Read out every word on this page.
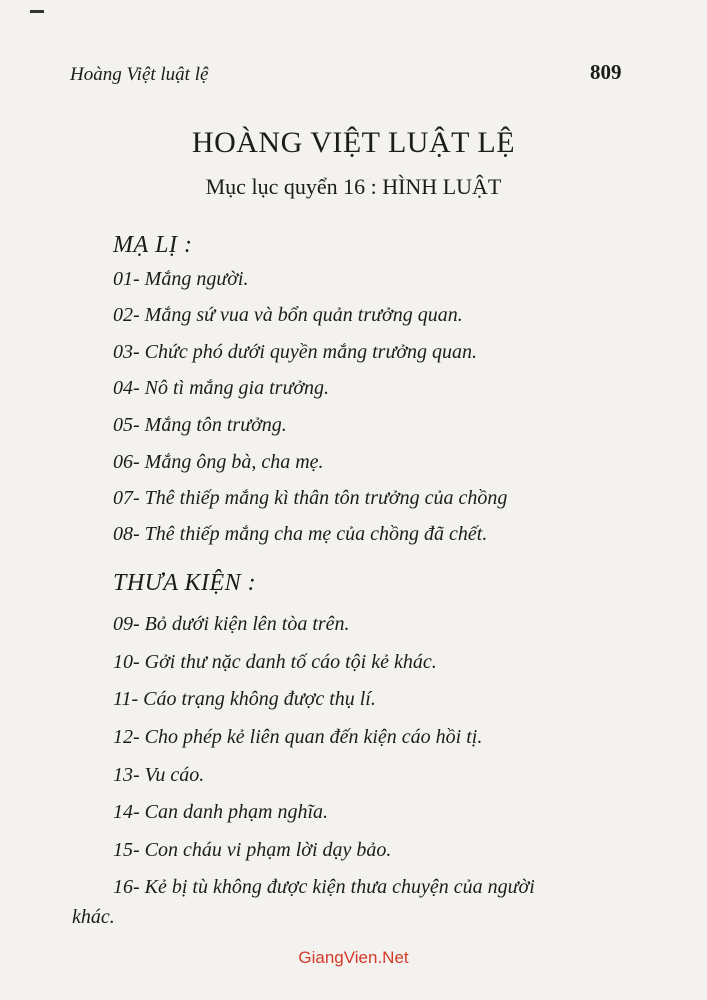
Hoàng Việt luật lệ	809
HOÀNG VIỆT LUẬT LỆ
Mục lục quyển 16 : HÌNH LUẬT
MẠ LỊ :
01- Mắng người.
02- Mắng sứ vua và bổn quản trưởng quan.
03- Chức phó dưới quyền mắng trưởng quan.
04- Nô tì mắng gia trưởng.
05- Mắng tôn trưởng.
06- Mắng ông bà, cha mẹ.
07- Thê thiếp mắng kì thân tôn trưởng của chồng
08- Thê thiếp mắng cha mẹ của chồng đã chết.
THƯA KIỆN :
09- Bỏ dưới kiện lên tòa trên.
10- Gởi thư nặc danh tố cáo tội kẻ khác.
11- Cáo trạng không được thụ lí.
12- Cho phép kẻ liên quan đến kiện cáo hồi tị.
13- Vu cáo.
14- Can danh phạm nghĩa.
15- Con cháu vi phạm lời dạy bảo.
16- Kẻ bị tù không được kiện thưa chuyện của người
khác.
GiangVien.Net
